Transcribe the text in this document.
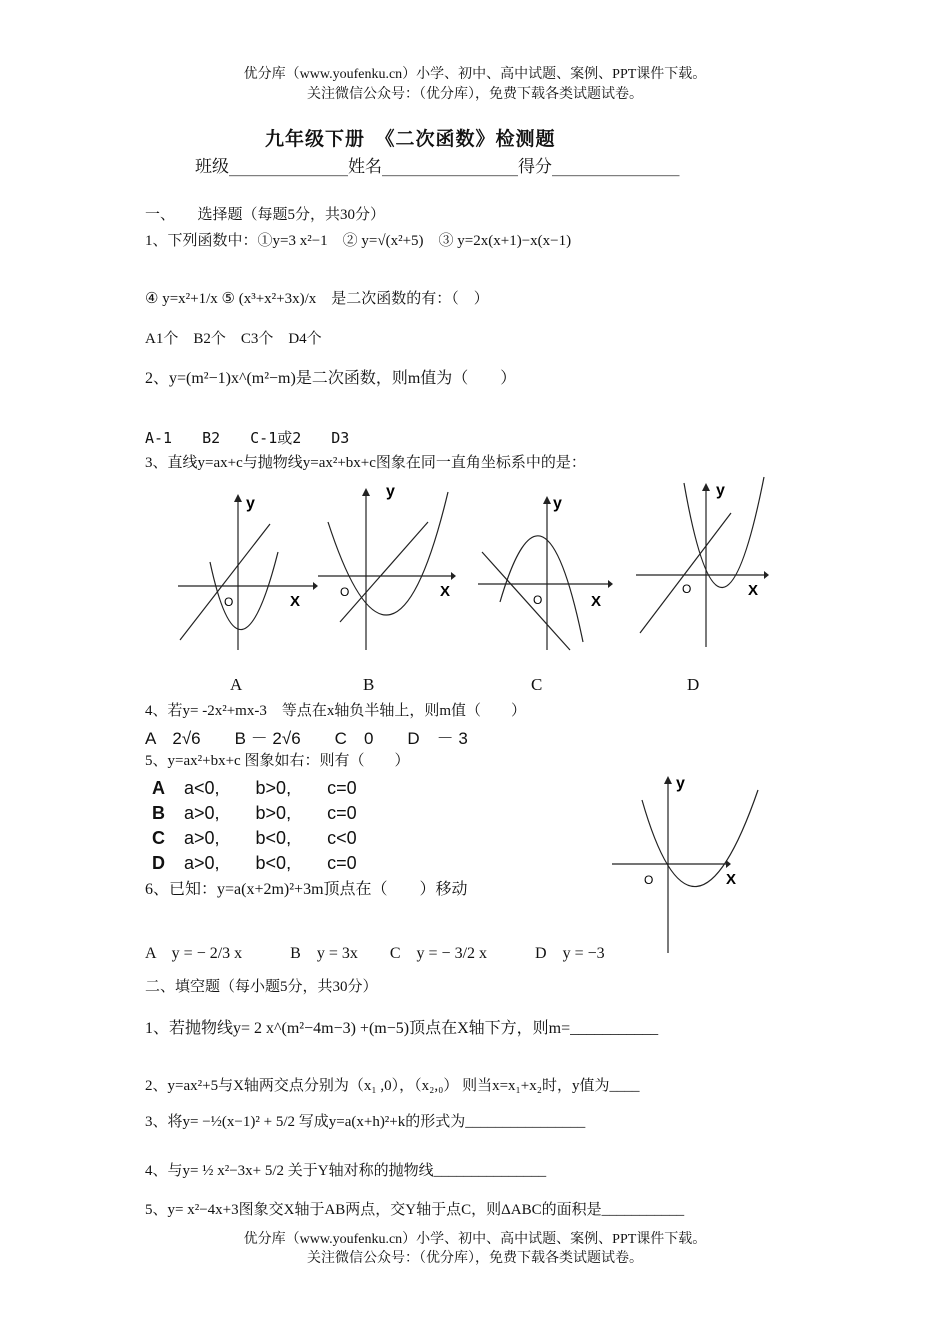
优分库（www.youfenku.cn）小学、初中、高中试题、案例、PPT课件下载。
关注微信公众号：（优分库），免费下载各类试题试卷。
九年级下册　《二次函数》检测题
班级______________姓名________________得分_______________
一、　　选择题（每题5分，共30分）
1、下列函数中：①y=3 x²−1　② y=√(x²+5)　③ y=2x(x+1)−x(x−1)
④ y=x²+1/x ⑤ (x³+x²+3x)/x　是二次函数的有：（　）
A1个　B2个　C3个　D4个
2、y=(m²−1)x^(m²−m)是二次函数，则m值为（　　）
A-1　　B2　　C-1或2　　D3
3、直线y=ax+c与抛物线y=ax²+bx+c图象在同一直角坐标系中的是：
y
X
O
y
X
O
y
X
O
y
X
O
A	B	C	D
4、若y= -2x²+mx-3　等点在x轴负半轴上，则m值（　　）
A　2√6　　B － 2√6　　C　0　　D　－ 3
5、y=ax²+bx+c 图象如右：则有（　　）
A a<0,　　b>0,　　c=0
B a>0,　　b>0,　　c=0
C a>0,　　b<0,　　c<0
D a>0,　　b<0,　　c=0
y
X
O
6、已知：y=a(x+2m)²+3m顶点在（　　）移动
A　y = − 2/3 x　　　B　y = 3x　　C　y = − 3/2 x　　　D　y = −3
二、填空题（每小题5分，共30分）
1、若抛物线y= 2 x^(m²−4m−3) +(m−5)顶点在X轴下方，则m=___________
2、y=ax²+5与X轴两交点分别为（x₁ ,0），（x₂,₀） 则当x=x₁+x₂时，y值为____
3、将y= −½(x−1)² + 5/2 写成y=a(x+h)²+k的形式为________________
4、与y= ½ x²−3x+ 5/2 关于Y轴对称的抛物线_______________
5、y= x²−4x+3图象交X轴于AB两点，交Y轴于点C，则ΔABC的面积是___________
优分库（www.youfenku.cn）小学、初中、高中试题、案例、PPT课件下载。
关注微信公众号：（优分库），免费下载各类试题试卷。
